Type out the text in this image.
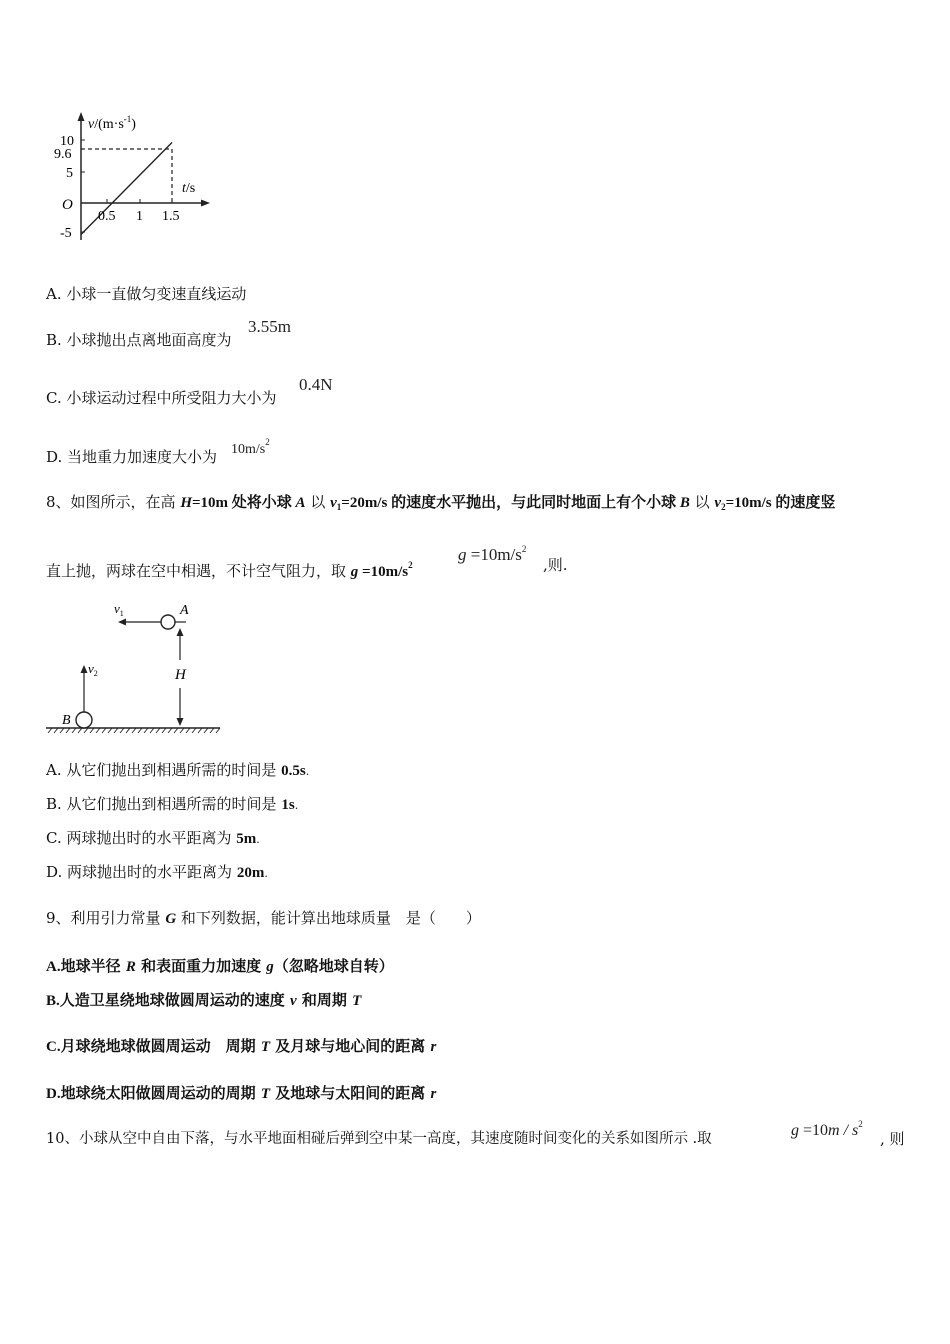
$v/(m\cdot s^{-1})$
t/s
O
10
9.6
5
-5
0.5 1 1.5
A. 小球一直做匀变速直线运动
B. 小球抛出点离地面高度为
3.55m
C. 小球运动过程中所受阻力大小为
0.4N
D. 当地重力加速度大小为 $10m/s^2$
8、如图所示，在高 H=10m 处将小球 A 以 $v_1=20m/s$ 的速度水平抛出，与此同时地面上有个小球 B 以 $v_2=10m/s$ 的速度竖
直上抛，两球在空中相遇，不计空气阻力，取 $g =10m/s^2$
$g =10m/s^2$
,则.
$v_1$	A
H
$v_2$
B
A. 从它们抛出到相遇所需的时间是 0.5s.
B. 从它们抛出到相遇所需的时间是 1s.
C. 两球抛出时的水平距离为 5m.
D. 两球抛出时的水平距离为 20m.
9、利用引力常量 G 和下列数据，能计算出地球质量　是（　　）
A.地球半径 R 和表面重力加速度 g（忽略地球自转）
B.人造卫星绕地球做圆周运动的速度 v 和周期 T
C.月球绕地球做圆周运动　周期 T 及月球与地心间的距离 r
D.地球绕太阳做圆周运动的周期 T 及地球与太阳间的距离 r
10、小球从空中自由下落，与水平地面相碰后弹到空中某一高度，其速度随时间变化的关系如图所示 .取	$g =10m / s^2$
, 则
